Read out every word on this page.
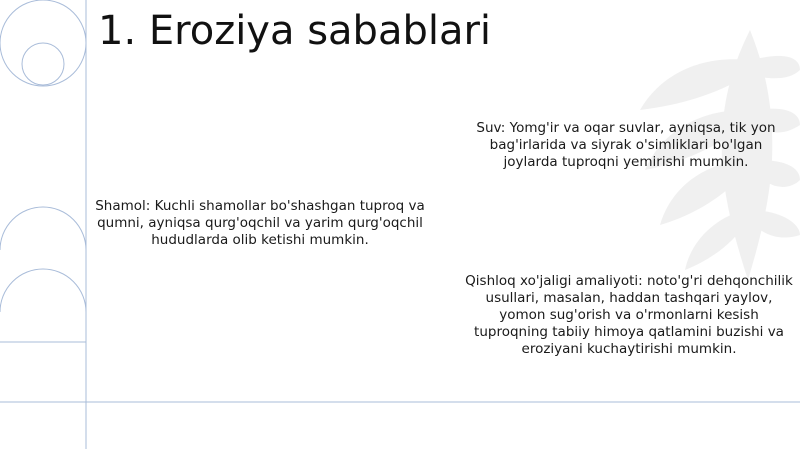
1. Eroziya sabablari

Suv: Yomg'ir va oqar suvlar, ayniqsa, tik yon bag'irlarida va siyrak o'simliklari bo'lgan joylarda tuproqni yemirishi mumkin.

Shamol: Kuchli shamollar bo'shashgan tuproq va qumni, ayniqsa qurg'oqchil va yarim qurg'oqchil hududlarda olib ketishi mumkin.

Qishloq xo'jaligi amaliyoti: noto'g'ri dehqonchilik usullari, masalan, haddan tashqari yaylov, yomon sug'orish va o'rmonlarni kesish tuproqning tabiiy himoya qatlamini buzishi va eroziyani kuchaytirishi mumkin.
